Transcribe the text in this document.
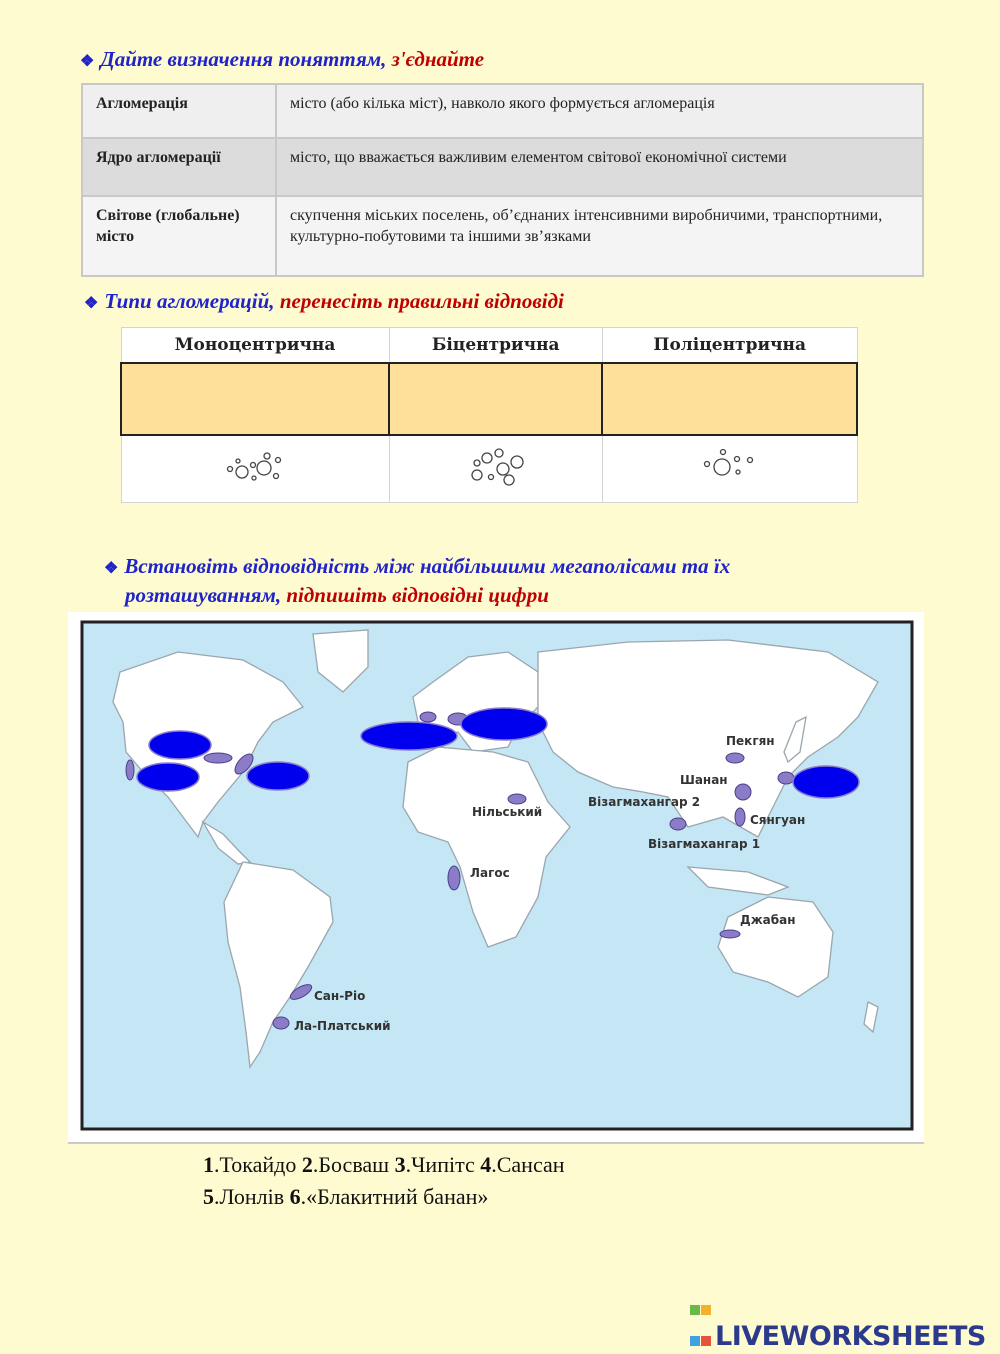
❖ Дайте визначення поняттям, з'єднайте
Агломерація	місто (або кілька міст), навколо якого формується агломерація
Ядро агломерації	місто, що вважається важливим елементом світової економічної системи
Світове (глобальне) місто	скупчення міських поселень, об’єднаних інтенсивними виробничими, транспортними, культурно-побутовими та іншими зв’язками
❖ Типи агломерацій, перенесіть правильні відповіді
Моноцентрична	Біцентрична	Поліцентрична

❖ Встановіть відповідність між найбільшими мегаполісами та їх
розташуванням, підпишіть відповідні цифри
Пекгян
Шанан
Візагмахангар 2
Нільський
Сянгуан
Візагмахангар 1
Лагос
Джабан
Сан-Ріо
Ла-Платський
1.Токайдо 2.Босваш 3.Чипітс 4.Сансан
5.Лонлів 6.«Блакитний банан»

LIVEWORKSHEETS
